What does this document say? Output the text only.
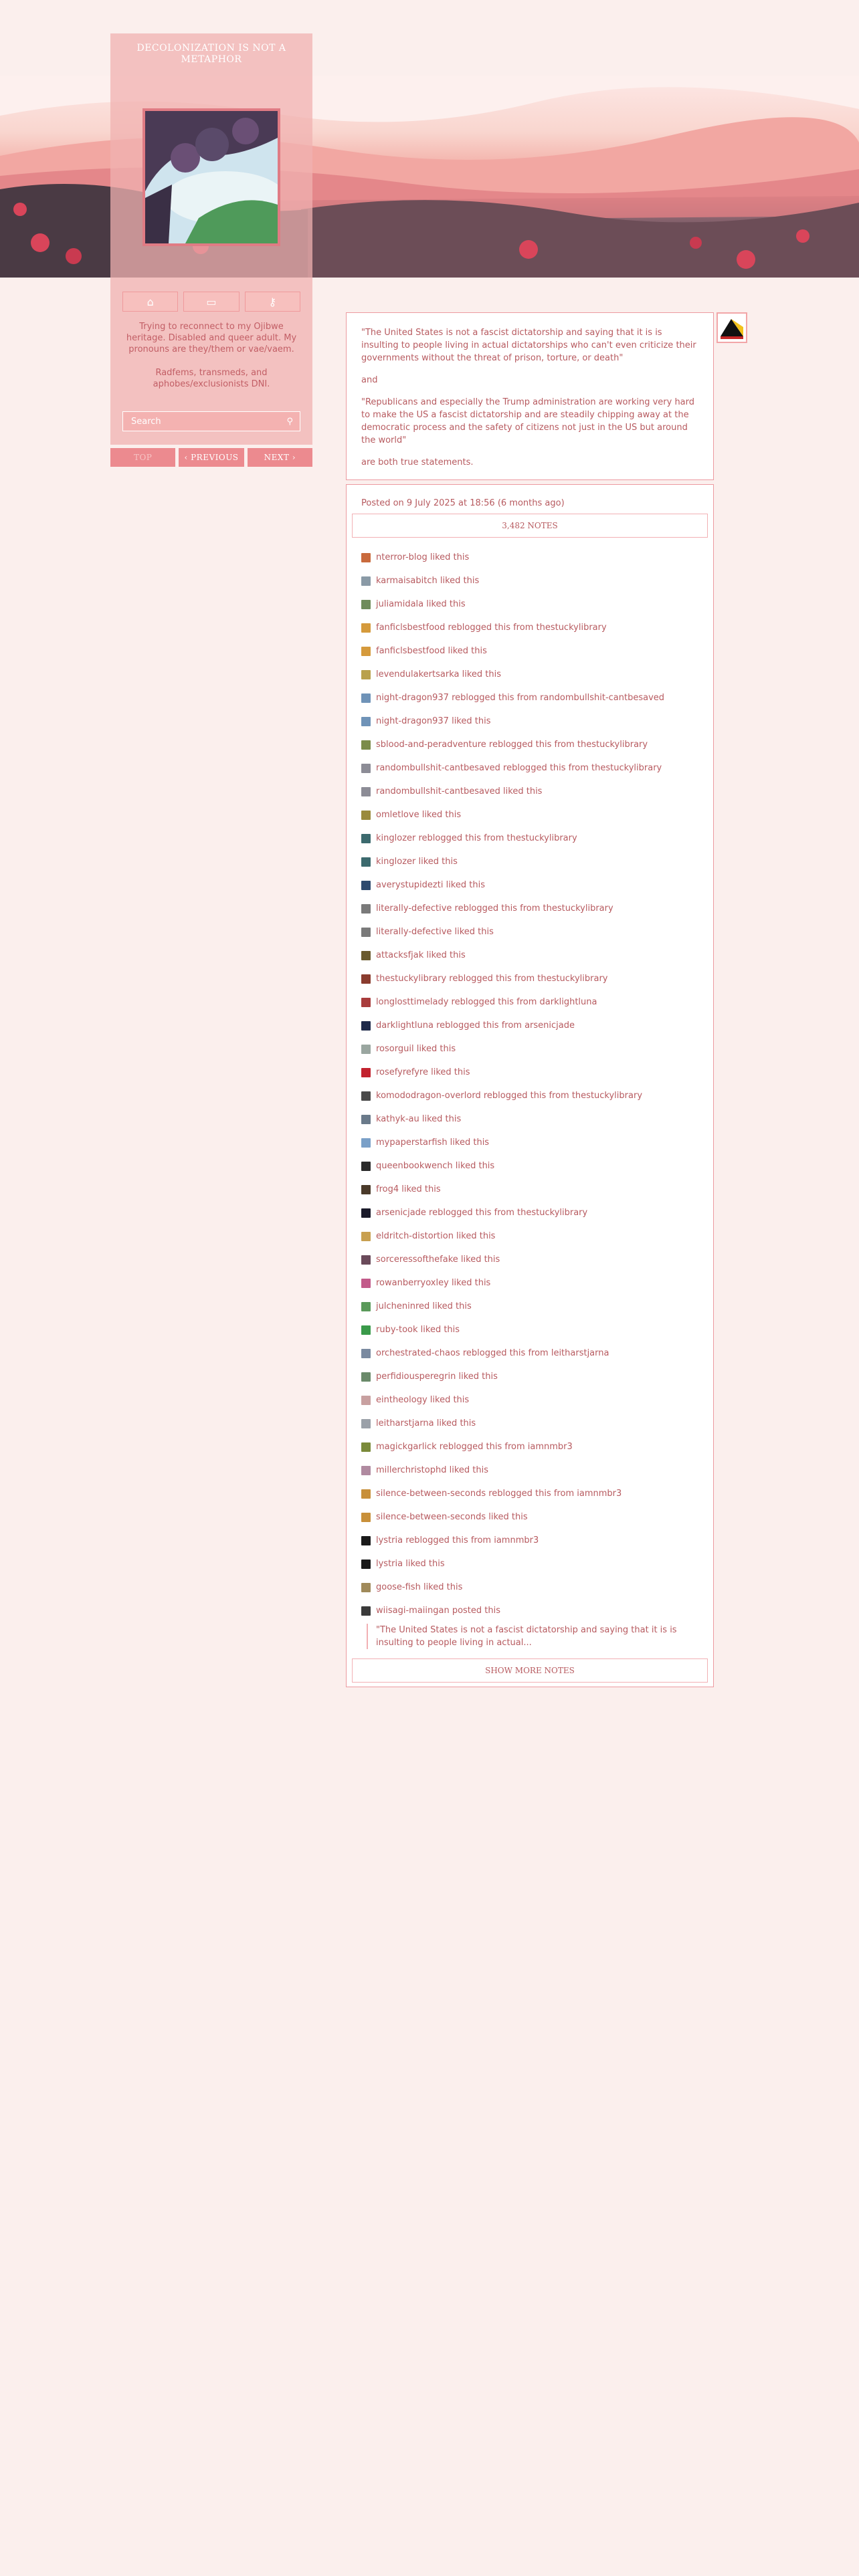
DECOLONIZATION IS NOT A METAPHOR
⌂	▭	⚷

Trying to reconnect to my Ojibwe heritage. Disabled and queer adult. My pronouns are they/them or vae/vaem.

Radfems, transmeds, and aphobes/exclusionists DNI.

Search
⚲
TOP	‹ PREVIOUS	NEXT ›

"The United States is not a fascist dictatorship and saying that it is is insulting to people living in actual dictatorships who can't even criticize their governments without the threat of prison, torture, or death"

and

"Republicans and especially the Trump administration are working very hard to make the US a fascist dictatorship and are steadily chipping away at the democratic process and the safety of citizens not just in the US but around the world"

are both true statements.

Posted on 9 July 2025 at 18:56 (6 months ago)
3,482 NOTES
nterror-blog liked this
karmaisabitch liked this
juliamidala liked this
fanficlsbestfood reblogged this from thestuckylibrary
fanficlsbestfood liked this
levendulakertsarka liked this
night-dragon937 reblogged this from randombullshit-cantbesaved
night-dragon937 liked this
sblood-and-peradventure reblogged this from thestuckylibrary
randombullshit-cantbesaved reblogged this from thestuckylibrary
randombullshit-cantbesaved liked this
omletlove liked this
kinglozer reblogged this from thestuckylibrary
kinglozer liked this
averystupidezti liked this
literally-defective reblogged this from thestuckylibrary
literally-defective liked this
attacksfjak liked this
thestuckylibrary reblogged this from thestuckylibrary
longlosttimelady reblogged this from darklightluna
darklightluna reblogged this from arsenicjade
rosorguil liked this
rosefyrefyre liked this
komododragon-overlord reblogged this from thestuckylibrary
kathyk-au liked this
mypaperstarfish liked this
queenbookwench liked this
frog4 liked this
arsenicjade reblogged this from thestuckylibrary
eldritch-distortion liked this
sorceressofthefake liked this
rowanberryoxley liked this
julcheninred liked this
ruby-took liked this
orchestrated-chaos reblogged this from leitharstjarna
perfidiousperegrin liked this
eintheology liked this
leitharstjarna liked this
magickgarlick reblogged this from iamnmbr3
millerchristophd liked this
silence-between-seconds reblogged this from iamnmbr3
silence-between-seconds liked this
lystria reblogged this from iamnmbr3
lystria liked this
goose-fish liked this
wiisagi-maiingan posted this
"The United States is not a fascist dictatorship and saying that it is is insulting to people living in actual...
SHOW MORE NOTES
